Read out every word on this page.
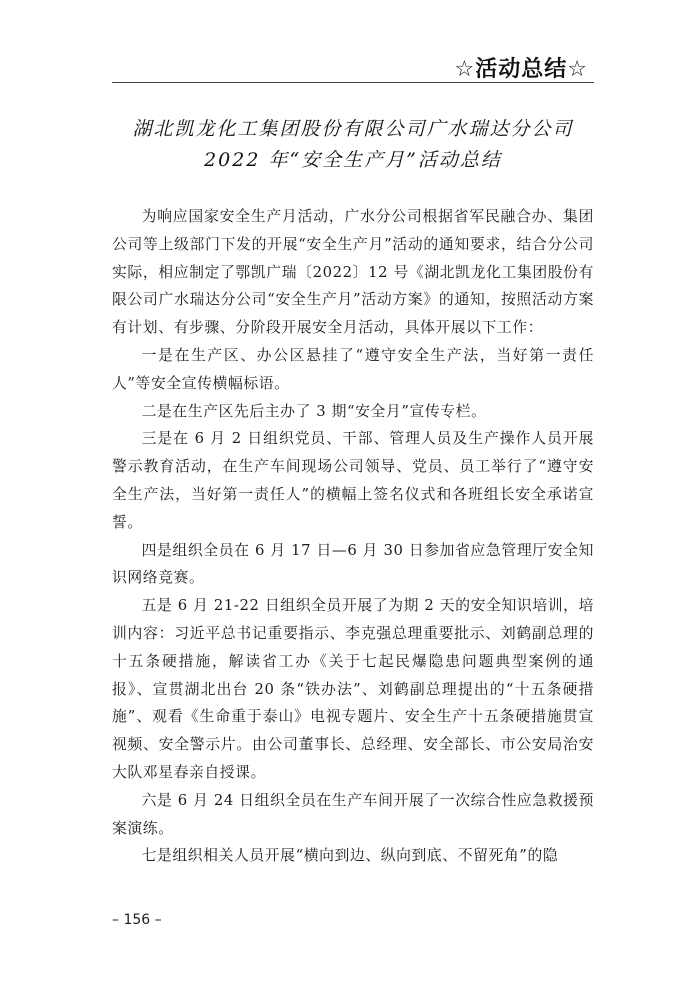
☆活动总结☆
湖北凯龙化工集团股份有限公司广水瑞达分公司
2022 年“安全生产月”活动总结

为响应国家安全生产月活动，广水分公司根据省军民融合办、集团公司等上级部门下发的开展“安全生产月”活动的通知要求，结合分公司实际，相应制定了鄂凯广瑞〔2022〕12 号《湖北凯龙化工集团股份有限公司广水瑞达分公司“安全生产月”活动方案》的通知，按照活动方案有计划、有步骤、分阶段开展安全月活动，具体开展以下工作：

一是在生产区、办公区悬挂了“遵守安全生产法，当好第一责任人”等安全宣传横幅标语。

二是在生产区先后主办了 3 期“安全月”宣传专栏。

三是在 6 月 2 日组织党员、干部、管理人员及生产操作人员开展警示教育活动，在生产车间现场公司领导、党员、员工举行了“遵守安全生产法，当好第一责任人”的横幅上签名仪式和各班组长安全承诺宣誓。

四是组织全员在 6 月 17 日—6 月 30 日参加省应急管理厅安全知识网络竞赛。

五是 6 月 21-22 日组织全员开展了为期 2 天的安全知识培训，培训内容：习近平总书记重要指示、李克强总理重要批示、刘鹤副总理的十五条硬措施，解读省工办《关于七起民爆隐患问题典型案例的通报》、宣贯湖北出台 20 条“铁办法”、刘鹤副总理提出的“十五条硬措施”、观看《生命重于泰山》电视专题片、安全生产十五条硬措施贯宣视频、安全警示片。由公司董事长、总经理、安全部长、市公安局治安大队邓星春亲自授课。

六是 6 月 24 日组织全员在生产车间开展了一次综合性应急救援预案演练。

七是组织相关人员开展“横向到边、纵向到底、不留死角”的隐

– 156 –
